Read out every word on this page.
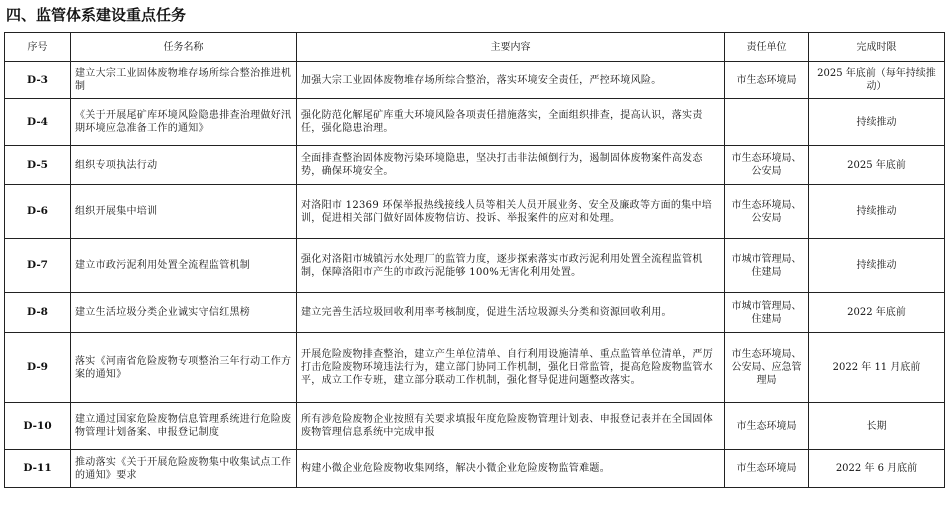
四、监管体系建设重点任务
序号	任务名称	主要内容	责任单位	完成时限
D-3	建立大宗工业固体废物堆存场所综合整治推进机制	加强大宗工业固体废物堆存场所综合整治，落实环境安全责任，严控环境风险。	市生态环境局	2025 年底前（每年持续推动）
D-4	《关于开展尾矿库环境风险隐患排查治理做好汛期环境应急准备工作的通知》	强化防范化解尾矿库重大环境风险各项责任措施落实，全面组织排查，提高认识，落实责任，强化隐患治理。		持续推动
D-5	组织专项执法行动	全面排查整治固体废物污染环境隐患，坚决打击非法倾倒行为，遏制固体废物案件高发态势，确保环境安全。	市生态环境局、公安局	2025 年底前
D-6	组织开展集中培训	对洛阳市 12369 环保举报热线接线人员等相关人员开展业务、安全及廉政等方面的集中培训，促进相关部门做好固体废物信访、投诉、举报案件的应对和处理。	市生态环境局、公安局	持续推动
D-7	建立市政污泥利用处置全流程监管机制	强化对洛阳市城镇污水处理厂的监管力度，逐步探索落实市政污泥利用处置全流程监管机制，保障洛阳市产生的市政污泥能够 100%无害化利用处置。	市城市管理局、住建局	持续推动
D-8	建立生活垃圾分类企业诚实守信红黑榜	建立完善生活垃圾回收利用率考核制度，促进生活垃圾源头分类和资源回收利用。	市城市管理局、住建局	2022 年底前
D-9	落实《河南省危险废物专项整治三年行动工作方案的通知》	开展危险废物排查整治，建立产生单位清单、自行利用设施清单、重点监管单位清单，严厉打击危险废物环境违法行为，建立部门协同工作机制，强化日常监管，提高危险废物监管水平，成立工作专班，建立部分联动工作机制，强化督导促进问题整改落实。	市生态环境局、公安局、应急管理局	2022 年 11 月底前
D-10	建立通过国家危险废物信息管理系统进行危险废物管理计划备案、申报登记制度	所有涉危险废物企业按照有关要求填报年度危险废物管理计划表、申报登记表并在全国固体废物管理信息系统中完成申报	市生态环境局	长期
D-11	推动落实《关于开展危险废物集中收集试点工作的通知》要求	构建小微企业危险废物收集网络，解决小微企业危险废物监管难题。	市生态环境局	2022 年 6 月底前
